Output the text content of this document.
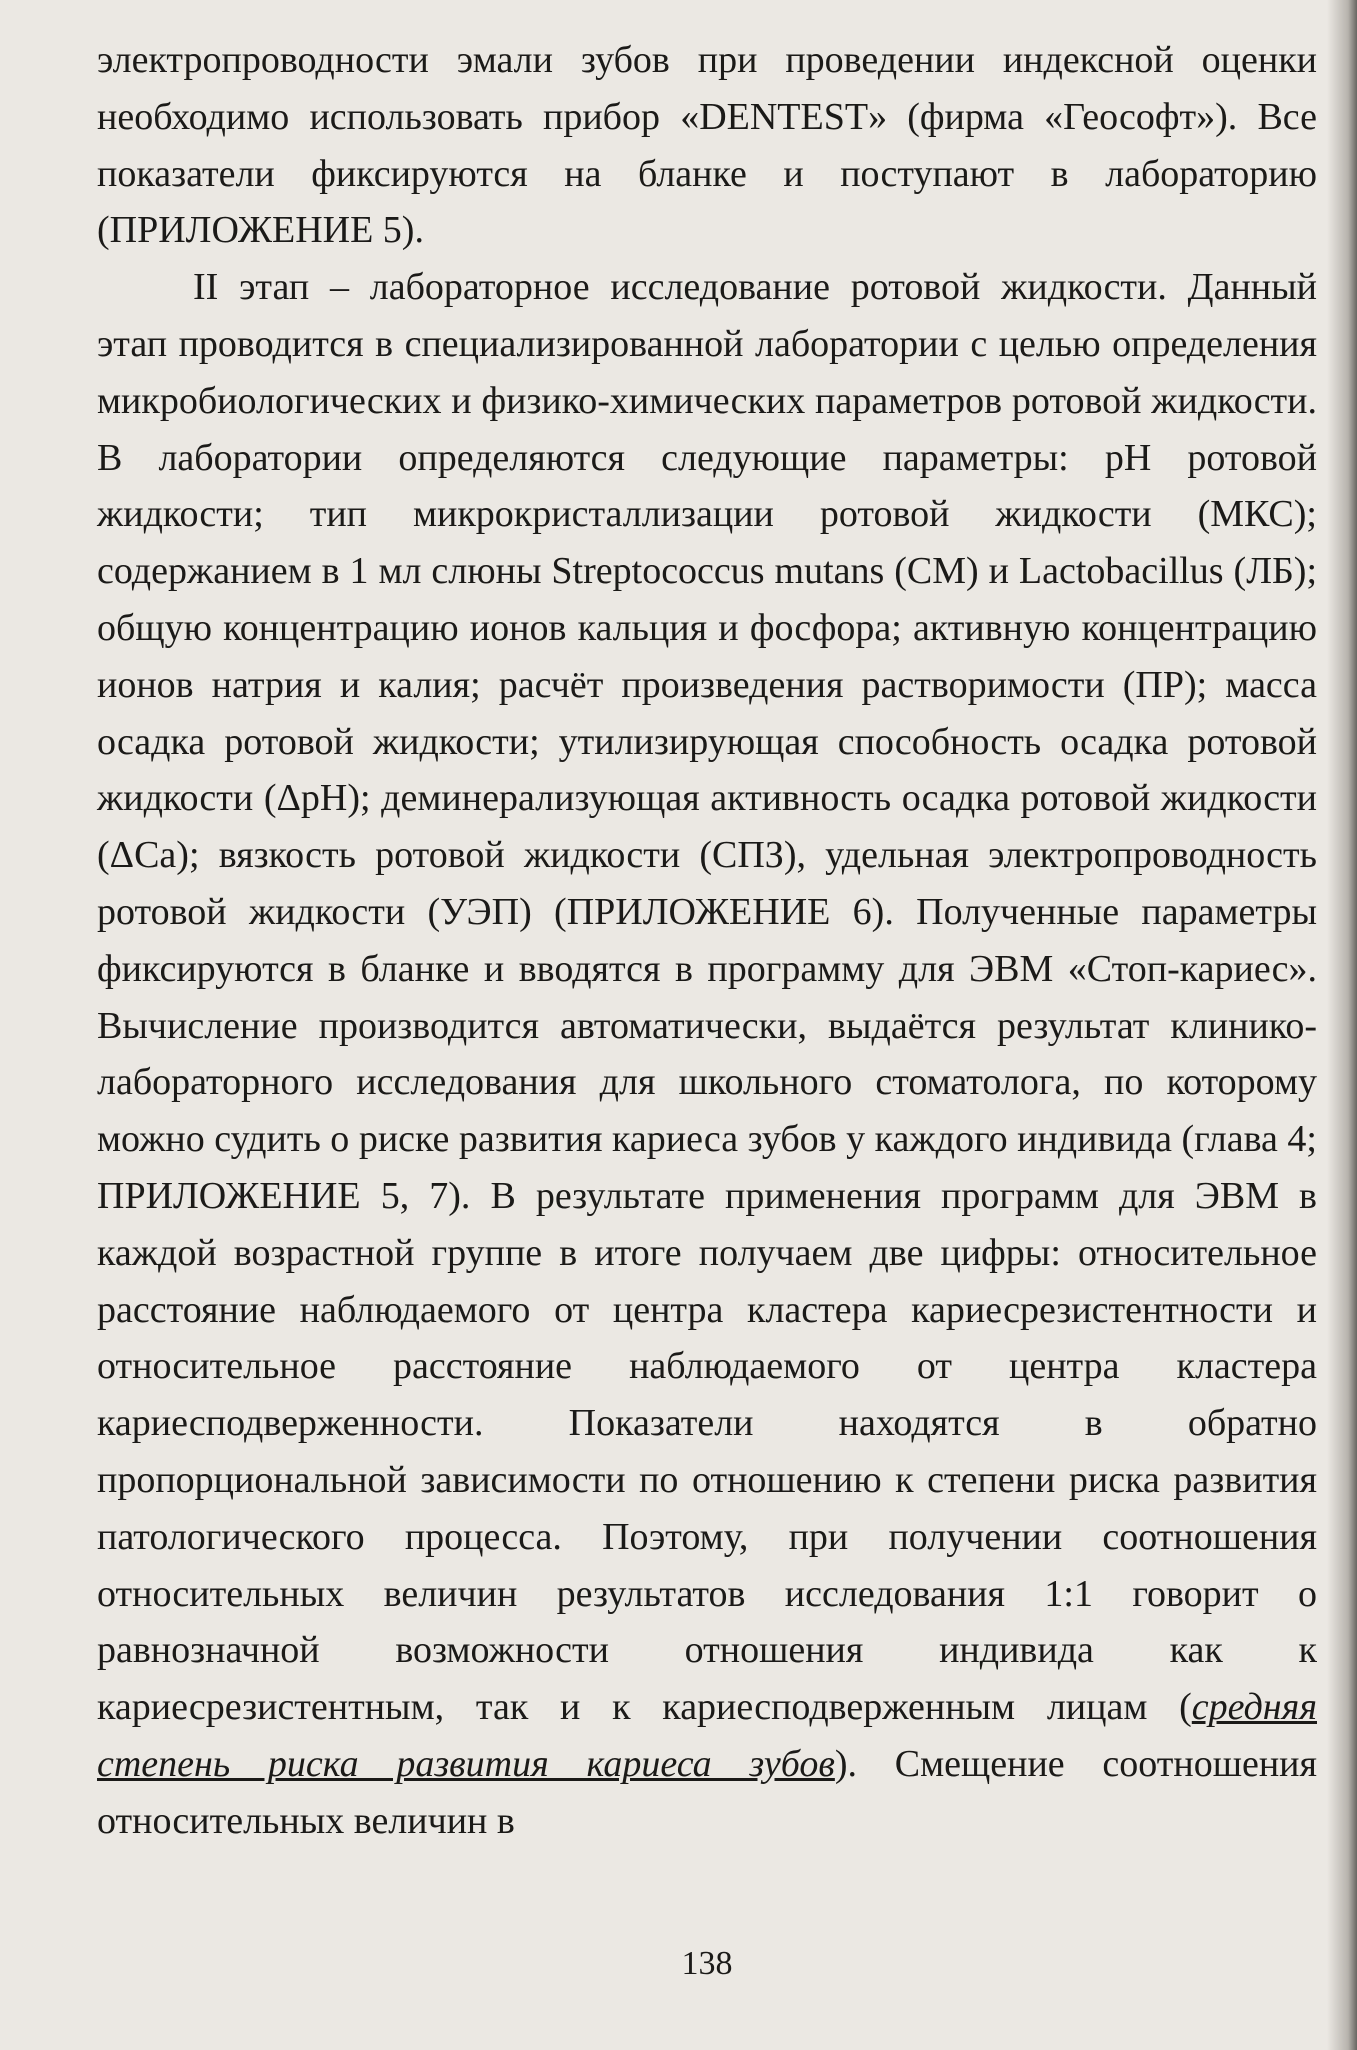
электропроводности эмали зубов при проведении индексной оценки необходимо использовать прибор «DENTEST» (фирма «Геософт»). Все показатели фиксируются на бланке и поступают в лабораторию (ПРИЛОЖЕНИЕ 5).

II этап – лабораторное исследование ротовой жидкости. Данный этап проводится в специализированной лаборатории с целью определения микробиологических и физико-химических параметров ротовой жидкости. В лаборатории определяются следующие параметры: pH ротовой жидкости; тип микрокристаллизации ротовой жидкости (МКС); содержанием в 1 мл слюны Streptococcus mutans (СМ) и Lactobacillus (ЛБ); общую концентрацию ионов кальция и фосфора; активную концентрацию ионов натрия и калия; расчёт произведения растворимости (ПР); масса осадка ротовой жидкости; утилизирующая способность осадка ротовой жидкости (ΔpH); деминерализующая активность осадка ротовой жидкости (ΔCa); вязкость ротовой жидкости (СПЗ), удельная электропроводность ротовой жидкости (УЭП) (ПРИЛОЖЕНИЕ 6). Полученные параметры фиксируются в бланке и вводятся в программу для ЭВМ «Стоп-кариес». Вычисление производится автоматически, выдаётся результат клинико-лабораторного исследования для школьного стоматолога, по которому можно судить о риске развития кариеса зубов у каждого индивида (глава 4; ПРИЛОЖЕНИЕ 5, 7). В результате применения программ для ЭВМ в каждой возрастной группе в итоге получаем две цифры: относительное расстояние наблюдаемого от центра кластера кариесрезистентности и относительное расстояние наблюдаемого от центра кластера кариесподверженности. Показатели находятся в обратно пропорциональной зависимости по отношению к степени риска развития патологического процесса. Поэтому, при получении соотношения относительных величин результатов исследования 1:1 говорит о равнозначной возможности отношения индивида как к кариесрезистентным, так и к кариесподверженным лицам (средняя степень риска развития кариеса зубов). Смещение соотношения относительных величин в

138
